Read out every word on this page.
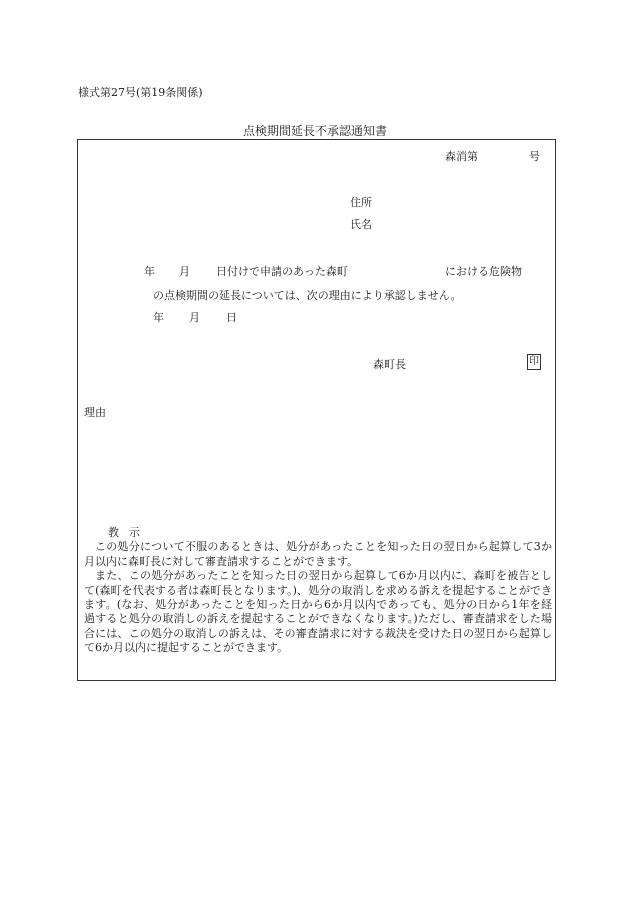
様式第27号(第19条関係)
点検期間延長不承認通知書
森消第	号
住所
氏名
年 月 日付けで申請のあった森町	における危険物
の点検期間の延長については、次の理由により承認しません。
年 月 日
森町長	印
理由

教 示

この処分について不服のあるときは、処分があったことを知った日の翌日から起算して3か月以内に森町長に対して審査請求することができます。

また、この処分があったことを知った日の翌日から起算して6か月以内に、森町を被告として(森町を代表する者は森町長となります。)、処分の取消しを求める訴えを提起することができます。(なお、処分があったことを知った日から6か月以内であっても、処分の日から1年を経過すると処分の取消しの訴えを提起することができなくなります。)ただし、審査請求をした場合には、この処分の取消しの訴えは、その審査請求に対する裁決を受けた日の翌日から起算して6か月以内に提起することができます。
